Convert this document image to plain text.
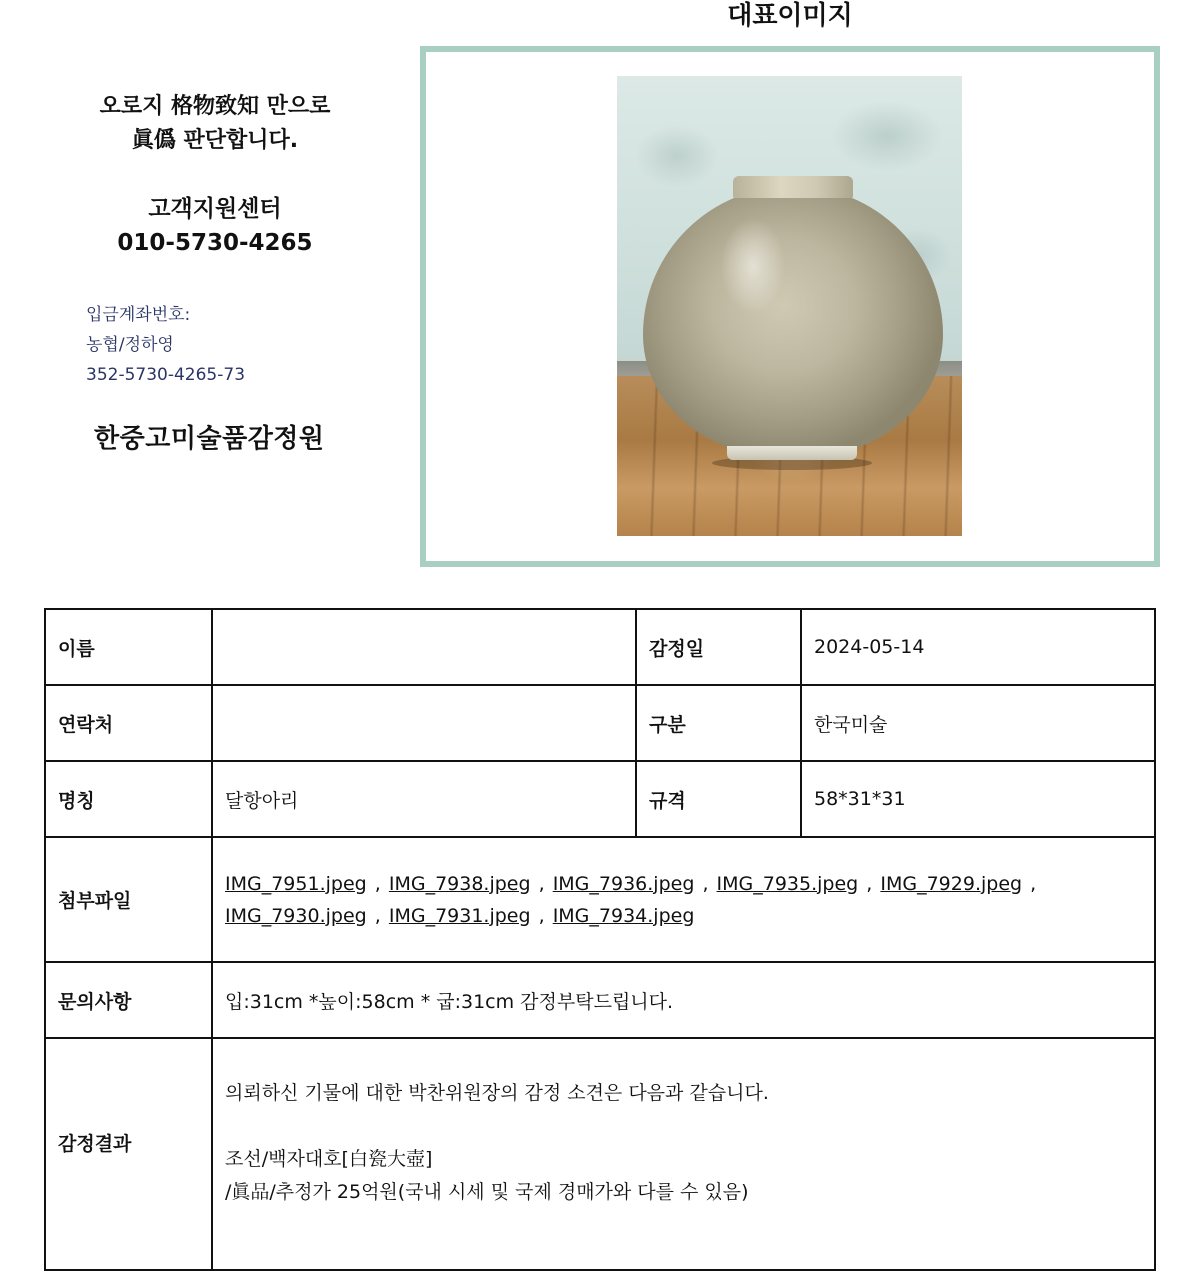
오로지 格物致知 만으로
眞僞 판단합니다.
고객지원센터
010-5730-4265
입금계좌번호:
농협/정하영
352-5730-4265-73
한중고미술품감정원
대표이미지
이름		감정일	2024-05-14
연락처		구분	한국미술
명칭	달항아리	규격	58*31*31
첨부파일	IMG_7951.jpeg , IMG_7938.jpeg , IMG_7936.jpeg , IMG_7935.jpeg , IMG_7929.jpeg ,
IMG_7930.jpeg , IMG_7931.jpeg , IMG_7934.jpeg		

문의사항	입:31cm *높이:58cm * 굽:31cm 감정부탁드립니다.		

감정결과	의뢰하신 기물에 대한 박찬위원장의 감정 소견은 다음과 같습니다.
조선/백자대호[白瓷大壺]
/眞品/추정가 25억원(국내 시세 및 국제 경매가와 다를 수 있음)		
